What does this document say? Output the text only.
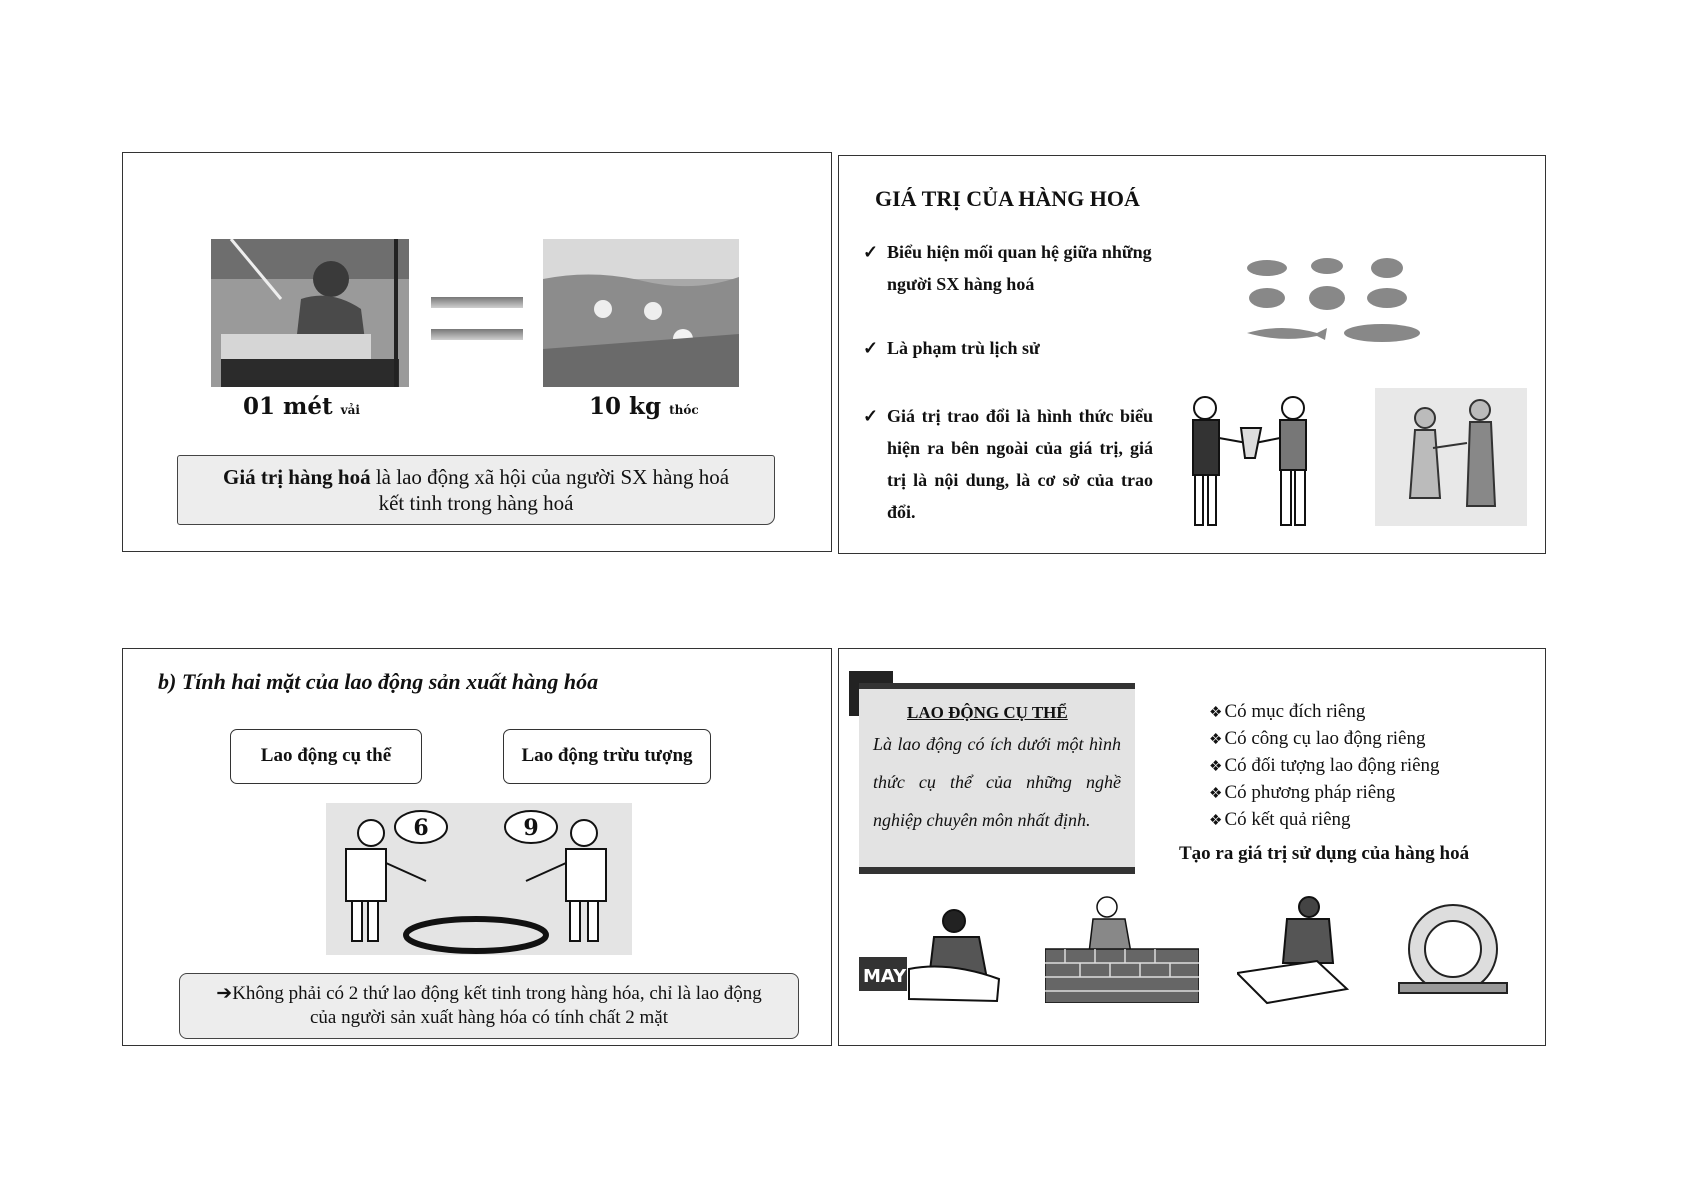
01 mét vải	10 kg thóc
Giá trị hàng hoá là lao động xã hội của người SX hàng hoá
kết tinh trong hàng hoá
GIÁ TRỊ CỦA HÀNG HOÁ
✓ Biểu hiện mối quan hệ giữa những người SX hàng hoá
✓ Là phạm trù lịch sử
✓ Giá trị trao đổi là hình thức biểu hiện ra bên ngoài của giá trị, giá trị là nội dung, là cơ sở của trao đổi.
b) Tính hai mặt của lao động sản xuất hàng hóa
Lao động cụ thể	Lao động trừu tượng
6	9
➔Không phải có 2 thứ lao động kết tinh trong hàng hóa, chỉ là lao động
của người sản xuất hàng hóa có tính chất 2 mặt
LAO ĐỘNG CỤ THỂ
Là lao động có ích dưới một hình thức cụ thể của những nghề nghiệp chuyên môn nhất định.
❖ Có mục đích riêng
❖ Có công cụ lao động riêng
❖ Có đối tượng lao động riêng
❖ Có phương pháp riêng
❖ Có kết quả riêng
Tạo ra giá trị sử dụng của hàng hoá
MAY
